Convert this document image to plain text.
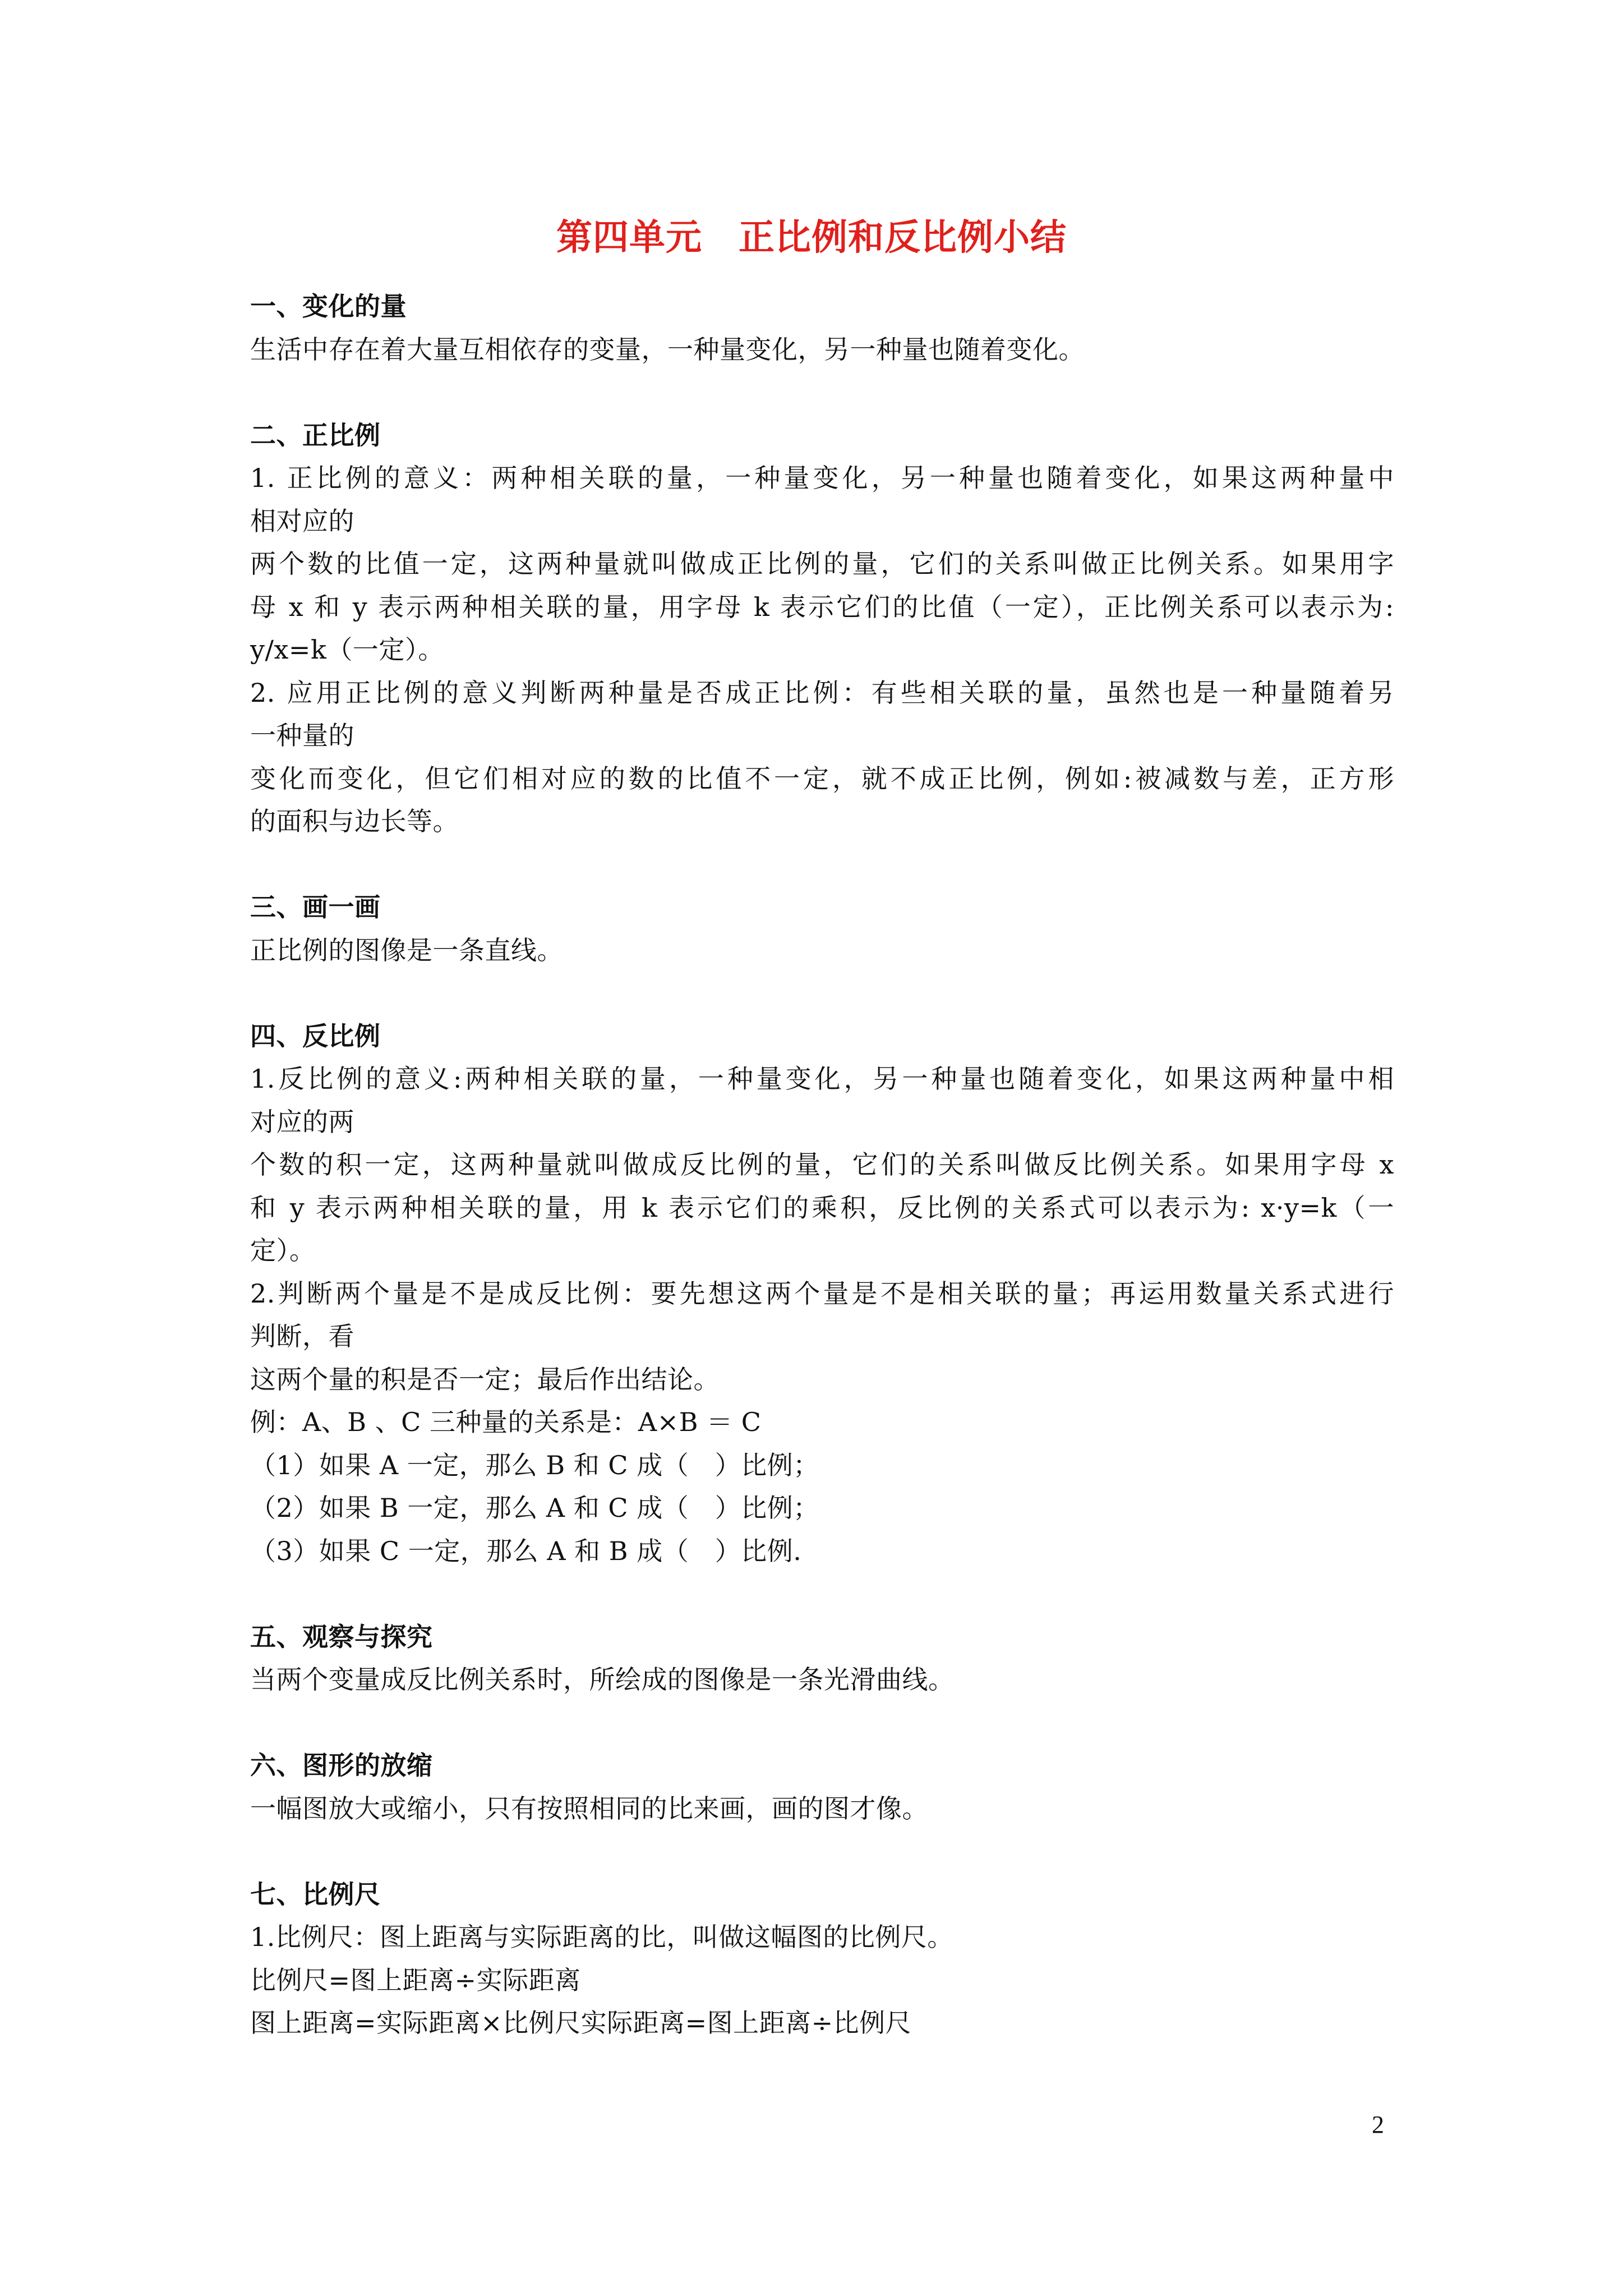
第四单元　正比例和反比例小结
一、变化的量
生活中存在着大量互相依存的变量，一种量变化，另一种量也随着变化。
二、正比例
1. 正比例的意义：两种相关联的量，一种量变化，另一种量也随着变化，如果这两种量中
相对应的
两个数的比值一定，这两种量就叫做成正比例的量，它们的关系叫做正比例关系。如果用字
母 x 和 y 表示两种相关联的量，用字母 k 表示它们的比值（一定），正比例关系可以表示为:
y/x=k（一定）。
2. 应用正比例的意义判断两种量是否成正比例：有些相关联的量，虽然也是一种量随着另
一种量的
变化而变化，但它们相对应的数的比值不一定，就不成正比例，例如:被减数与差，正方形
的面积与边长等。
三、画一画
正比例的图像是一条直线。
四、反比例
1.反比例的意义:两种相关联的量，一种量变化，另一种量也随着变化，如果这两种量中相
对应的两
个数的积一定，这两种量就叫做成反比例的量，它们的关系叫做反比例关系。如果用字母 x
和 y 表示两种相关联的量，用 k 表示它们的乘积，反比例的关系式可以表示为: x·y=k（一
定）。
2.判断两个量是不是成反比例：要先想这两个量是不是相关联的量；再运用数量关系式进行
判断，看
这两个量的积是否一定；最后作出结论。
例：A、B 、C 三种量的关系是：A×B ＝ C
（1）如果 A 一定，那么 B 和 C 成（　）比例；
（2）如果 B 一定，那么 A 和 C 成（　）比例；
（3）如果 C 一定，那么 A 和 B 成（　）比例.
五、观察与探究
当两个变量成反比例关系时，所绘成的图像是一条光滑曲线。
六、图形的放缩
一幅图放大或缩小，只有按照相同的比来画，画的图才像。
七、比例尺
1.比例尺：图上距离与实际距离的比，叫做这幅图的比例尺。
比例尺=图上距离÷实际距离
图上距离=实际距离×比例尺实际距离=图上距离÷比例尺
2
